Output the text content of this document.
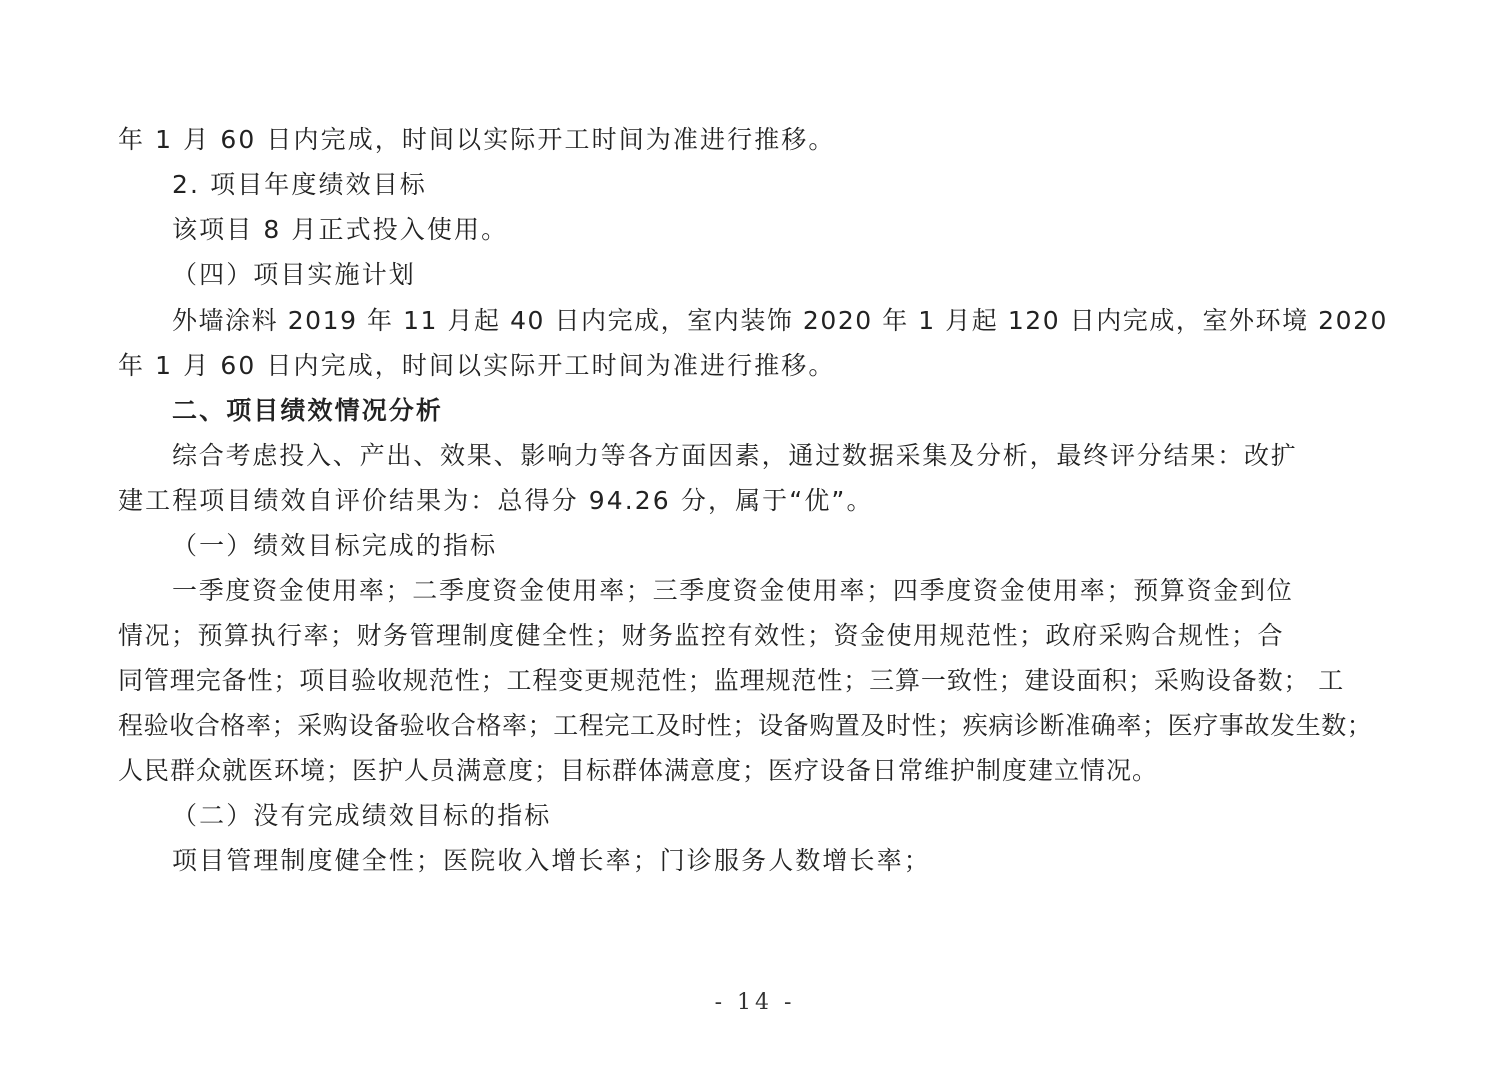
年 1 月 60 日内完成，时间以实际开工时间为准进行推移。
2. 项目年度绩效目标
该项目 8 月正式投入使用。
（四）项目实施计划
外墙涂料 2019 年 11 月起 40 日内完成，室内装饰 2020 年 1 月起 120 日内完成，室外环境 2020
年 1 月 60 日内完成，时间以实际开工时间为准进行推移。
二、项目绩效情况分析
综合考虑投入、产出、效果、影响力等各方面因素，通过数据采集及分析，最终评分结果：改扩
建工程项目绩效自评价结果为：总得分 94.26 分，属于“优”。
（一）绩效目标完成的指标
一季度资金使用率；二季度资金使用率；三季度资金使用率；四季度资金使用率；预算资金到位
情况；预算执行率；财务管理制度健全性；财务监控有效性；资金使用规范性；政府采购合规性；合
同管理完备性；项目验收规范性；工程变更规范性；监理规范性；三算一致性；建设面积；采购设备数； 工
程验收合格率；采购设备验收合格率；工程完工及时性；设备购置及时性；疾病诊断准确率；医疗事故发生数；
人民群众就医环境；医护人员满意度；目标群体满意度；医疗设备日常维护制度建立情况。
（二）没有完成绩效目标的指标
项目管理制度健全性；医院收入增长率；门诊服务人数增长率；
- 14 -
